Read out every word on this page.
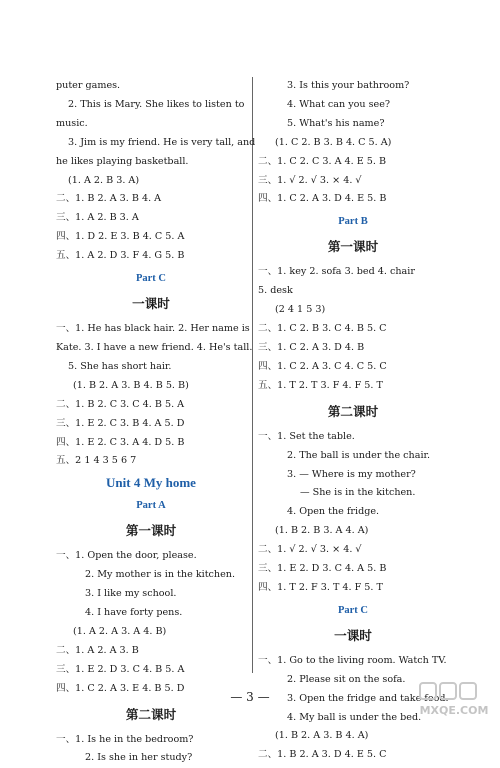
puter games.
2. This is Mary. She likes to listen to
music.
3. Jim is my friend. He is very tall, and
he likes playing basketball.
(1. A 2. B 3. A)
二、1. B 2. A 3. B 4. A
三、1. A 2. B 3. A
四、1. D 2. E 3. B 4. C 5. A
五、1. A 2. D 3. F 4. G 5. B
Part C
一课时
一、1. He has black hair. 2. Her name is
Kate. 3. I have a new friend. 4. He's tall.
5. She has short hair.
(1. B 2. A 3. B 4. B 5. B)
二、1. B 2. C 3. C 4. B 5. A
三、1. E 2. C 3. B 4. A 5. D
四、1. E 2. C 3. A 4. D 5. B
五、2 1 4 3 5 6 7
Unit 4 My home
Part A
第一课时
一、1. Open the door, please.
2. My mother is in the kitchen.
3. I like my school.
4. I have forty pens.
(1. A 2. A 3. A 4. B)
二、1. A 2. A 3. B
三、1. E 2. D 3. C 4. B 5. A
四、1. C 2. A 3. E 4. B 5. D
第二课时
一、1. Is he in the bedroom?
2. Is she in her study?
3. Is this your bathroom?
4. What can you see?
5. What's his name?
(1. C 2. B 3. B 4. C 5. A)
二、1. C 2. C 3. A 4. E 5. B
三、1. √ 2. √ 3. × 4. √
四、1. C 2. A 3. D 4. E 5. B
Part B
第一课时
一、1. key 2. sofa 3. bed 4. chair
5. desk
(2 4 1 5 3)
二、1. C 2. B 3. C 4. B 5. C
三、1. C 2. A 3. D 4. B
四、1. C 2. A 3. C 4. C 5. C
五、1. T 2. T 3. F 4. F 5. T
第二课时
一、1. Set the table.
2. The ball is under the chair.
3. — Where is my mother?
— She is in the kitchen.
4. Open the fridge.
(1. B 2. B 3. A 4. A)
二、1. √ 2. √ 3. × 4. √
三、1. E 2. D 3. C 4. A 5. B
四、1. T 2. F 3. T 4. F 5. T
Part C
一课时
一、1. Go to the living room. Watch TV.
2. Please sit on the sofa.
3. Open the fridge and take food.
4. My ball is under the bed.
(1. B 2. A 3. B 4. A)
二、1. B 2. A 3. D 4. E 5. C
— 3 —
MXQE.COM
